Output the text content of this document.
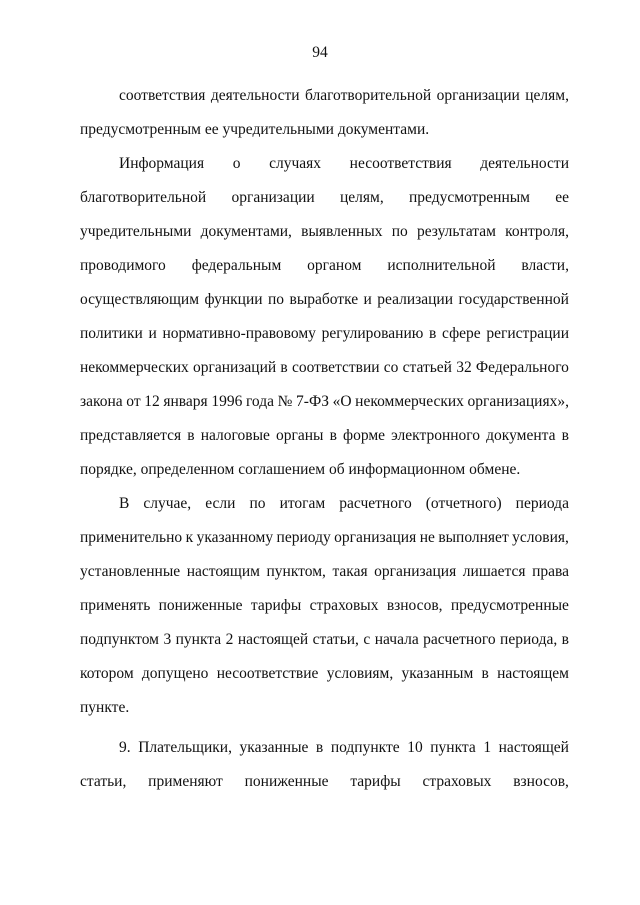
94
соответствия деятельности благотворительной организации целям,
предусмотренным ее учредительными документами.
Информация о случаях несоответствия деятельности
благотворительной организации целям, предусмотренным ее
учредительными документами, выявленных по результатам контроля,
проводимого федеральным органом исполнительной власти,
осуществляющим функции по выработке и реализации государственной
политики и нормативно-правовому регулированию в сфере регистрации
некоммерческих организаций в соответствии со статьей 32 Федерального
закона от 12 января 1996 года № 7-ФЗ «О некоммерческих организациях»,
представляется в налоговые органы в форме электронного документа в
порядке, определенном соглашением об информационном обмене.
В случае, если по итогам расчетного (отчетного) периода
применительно к указанному периоду организация не выполняет условия,
установленные настоящим пунктом, такая организация лишается права
применять пониженные тарифы страховых взносов, предусмотренные
подпунктом 3 пункта 2 настоящей статьи, с начала расчетного периода, в
котором допущено несоответствие условиям, указанным в настоящем
пункте.
9. Плательщики, указанные в подпункте 10 пункта 1 настоящей
статьи, применяют пониженные тарифы страховых взносов,
